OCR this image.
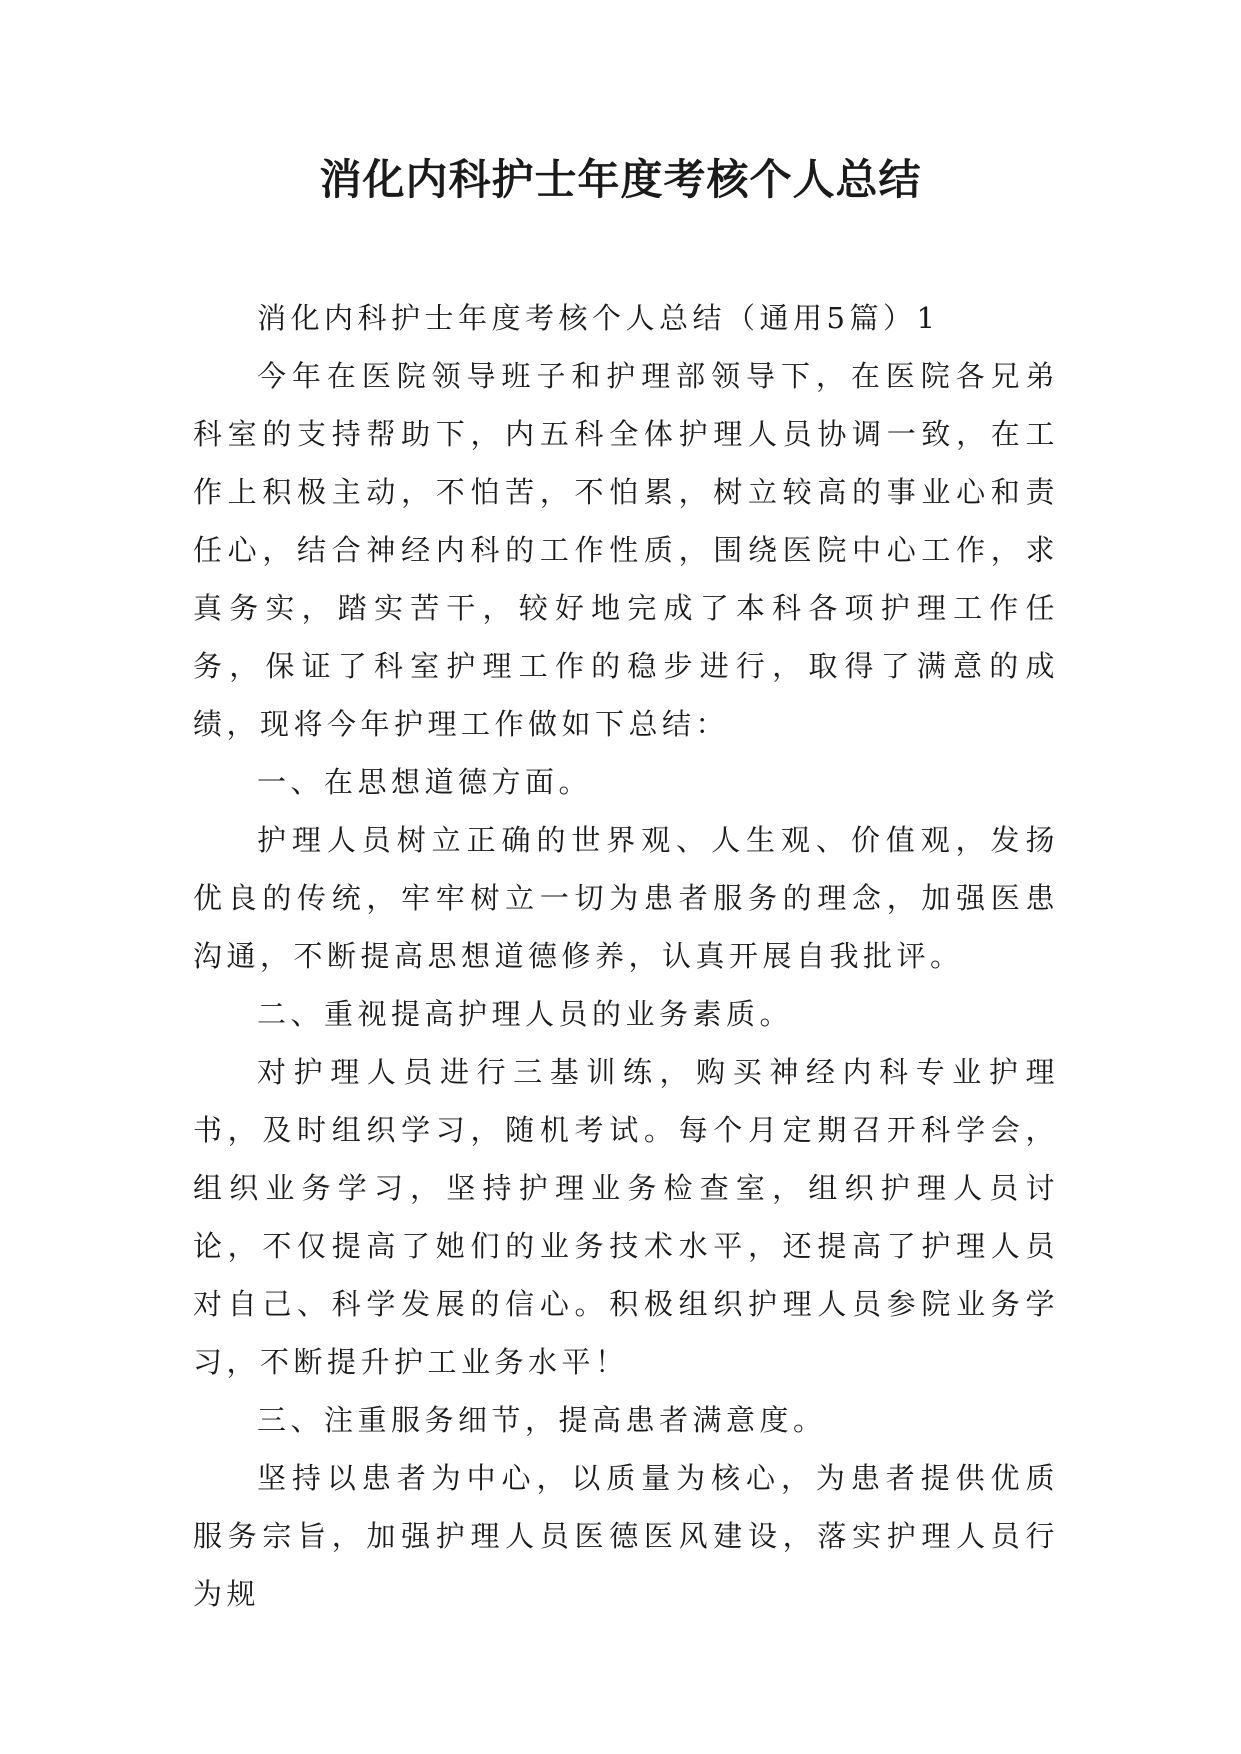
消化内科护士年度考核个人总结

消化内科护士年度考核个人总结（通用5篇）1

今年在医院领导班子和护理部领导下，在医院各兄弟科室的支持帮助下，内五科全体护理人员协调一致，在工作上积极主动，不怕苦，不怕累，树立较高的事业心和责任心，结合神经内科的工作性质，围绕医院中心工作，求真务实，踏实苦干，较好地完成了本科各项护理工作任务，保证了科室护理工作的稳步进行，取得了满意的成绩，现将今年护理工作做如下总结：

一、在思想道德方面。

护理人员树立正确的世界观、人生观、价值观，发扬优良的传统，牢牢树立一切为患者服务的理念，加强医患沟通，不断提高思想道德修养，认真开展自我批评。

二、重视提高护理人员的业务素质。

对护理人员进行三基训练，购买神经内科专业护理书，及时组织学习，随机考试。每个月定期召开科学会，组织业务学习，坚持护理业务检查室，组织护理人员讨论，不仅提高了她们的业务技术水平，还提高了护理人员对自己、科学发展的信心。积极组织护理人员参院业务学习，不断提升护工业务水平！

三、注重服务细节，提高患者满意度。

坚持以患者为中心，以质量为核心，为患者提供优质服务宗旨，加强护理人员医德医风建设，落实护理人员行为规
